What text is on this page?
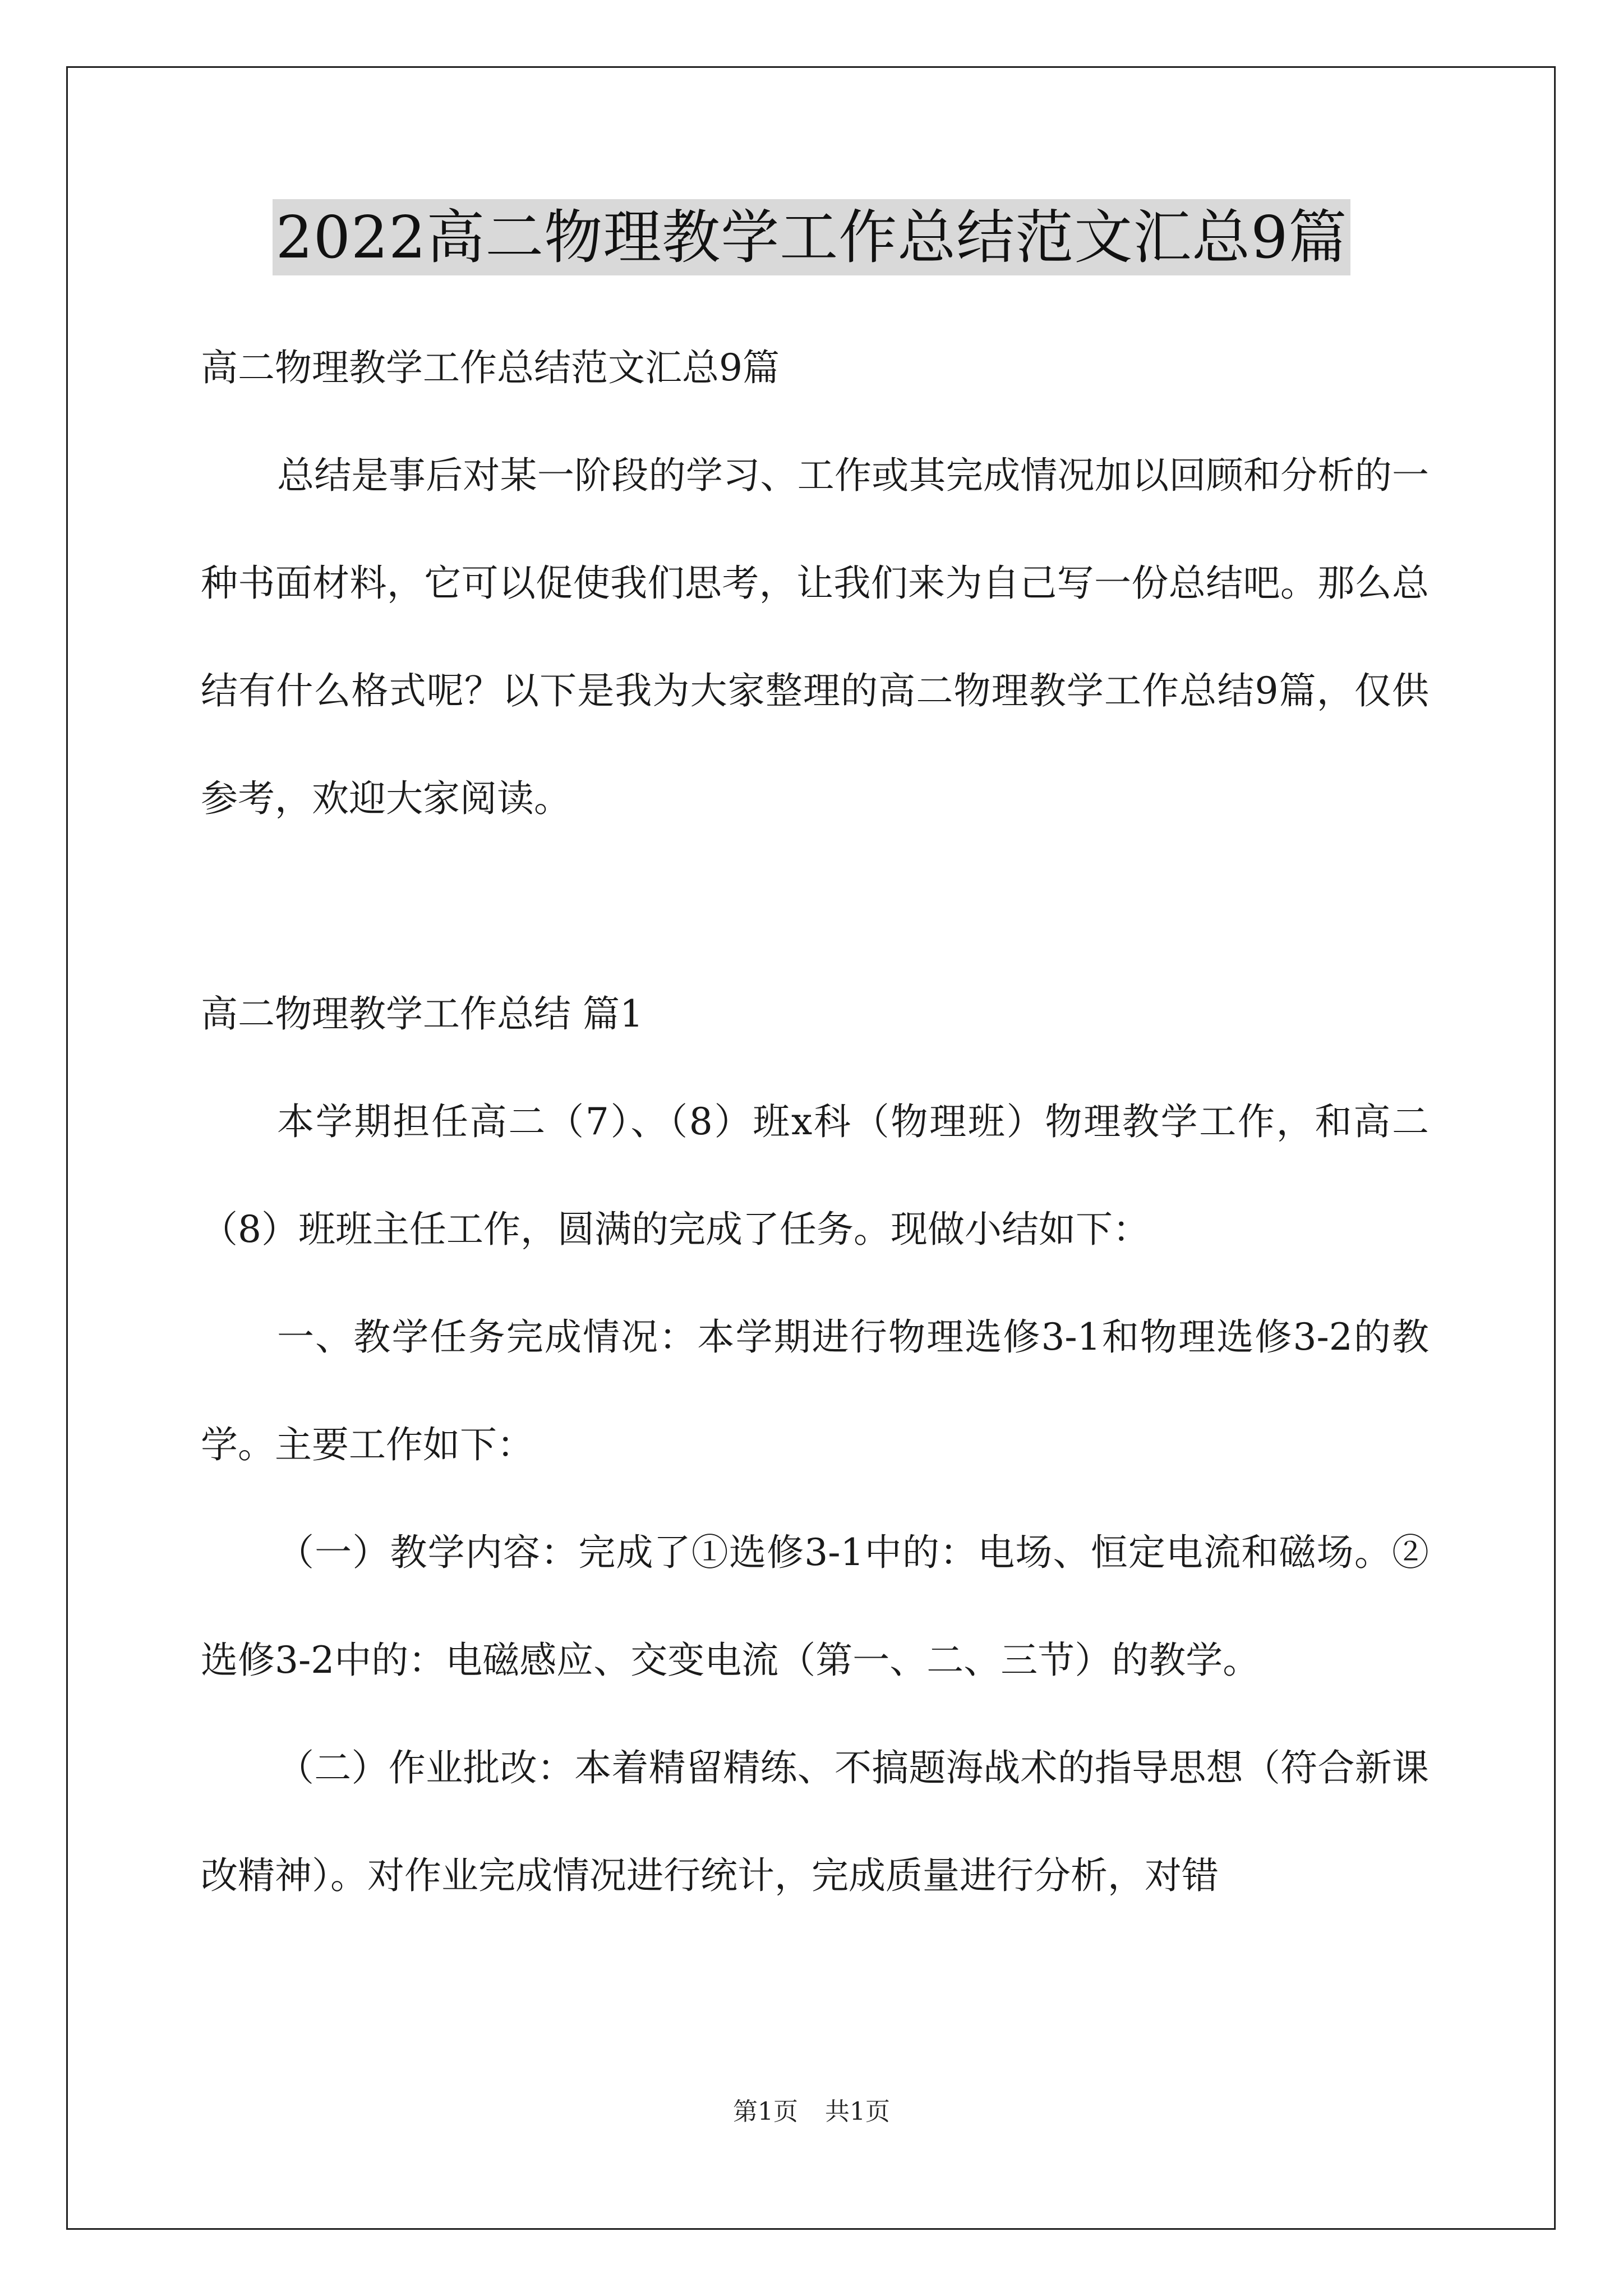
2022高二物理教学工作总结范文汇总9篇

高二物理教学工作总结范文汇总9篇

总结是事后对某一阶段的学习、工作或其完成情况加以回顾和分析的一种书面材料，它可以促使我们思考，让我们来为自己写一份总结吧。那么总结有什么格式呢？以下是我为大家整理的高二物理教学工作总结9篇，仅供参考，欢迎大家阅读。

高二物理教学工作总结 篇1

本学期担任高二（7）、（8）班x科（物理班）物理教学工作，和高二（8）班班主任工作，圆满的完成了任务。现做小结如下：

一、教学任务完成情况：本学期进行物理选修3-1和物理选修3-2的教学。主要工作如下：

（一）教学内容：完成了①选修3-1中的：电场、恒定电流和磁场。②选修3-2中的：电磁感应、交变电流（第一、二、三节）的教学。

（二）作业批改：本着精留精练、不搞题海战术的指导思想（符合新课改精神）。对作业完成情况进行统计，完成质量进行分析，对错

第1页 共1页
